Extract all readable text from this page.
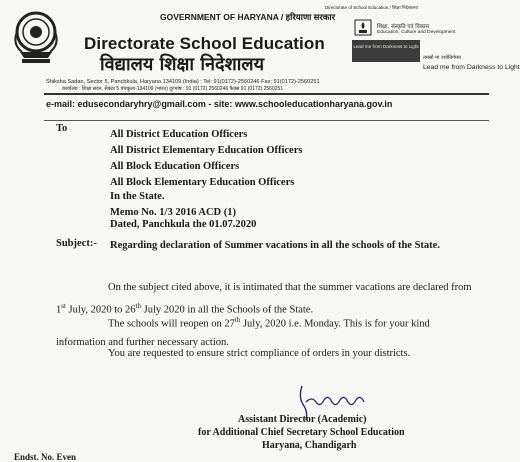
Directorate of School Education / शिक्षा निदेशालय
GOVERNMENT OF HARYANA / हरियाणा सरकार
Directorate School Education
विद्यालय शिक्षा निदेशालय
Shiksha Sadan, Sector 5, Panchkula, Haryana 134109 (India) : Tel: 91(0172)-2560246 Fax: 91(0172)-2560251
कार्यालय : शिक्षा सदन, सेक्टर 5 पंचकूला-134109 (भारत) दूरभाष : 91 (0172) 2560246 फैक्स 91 (0172) 2560251
शिक्षा, संस्कृति एवं विकास
Education, Culture and Development
Lead me from Darkness to Light
तमसो मा ज्योतिर्गमय
Lead me from Darkness to Light
e-mail: edusecondaryhry@gmail.com - site: www.schooleducationharyana.gov.in
To
All District Education Officers
All District Elementary Education Officers
All Block Education Officers
All Block Elementary Education Officers
In the State.
Memo No. 1/3 2016 ACD (1)
Dated, Panchkula the 01.07.2020
Subject:- Regarding declaration of Summer vacations in all the schools of the State.
On the subject cited above, it is intimated that the summer vacations are declared from 1st July, 2020 to 26th July 2020 in all the Schools of the State.
The schools will reopen on 27th July, 2020 i.e. Monday. This is for your kind information and further necessary action.
You are requested to ensure strict compliance of orders in your districts.
Assistant Director (Academic)
for Additional Chief Secretary School Education
Haryana, Chandigarh
Endst. No. Even
